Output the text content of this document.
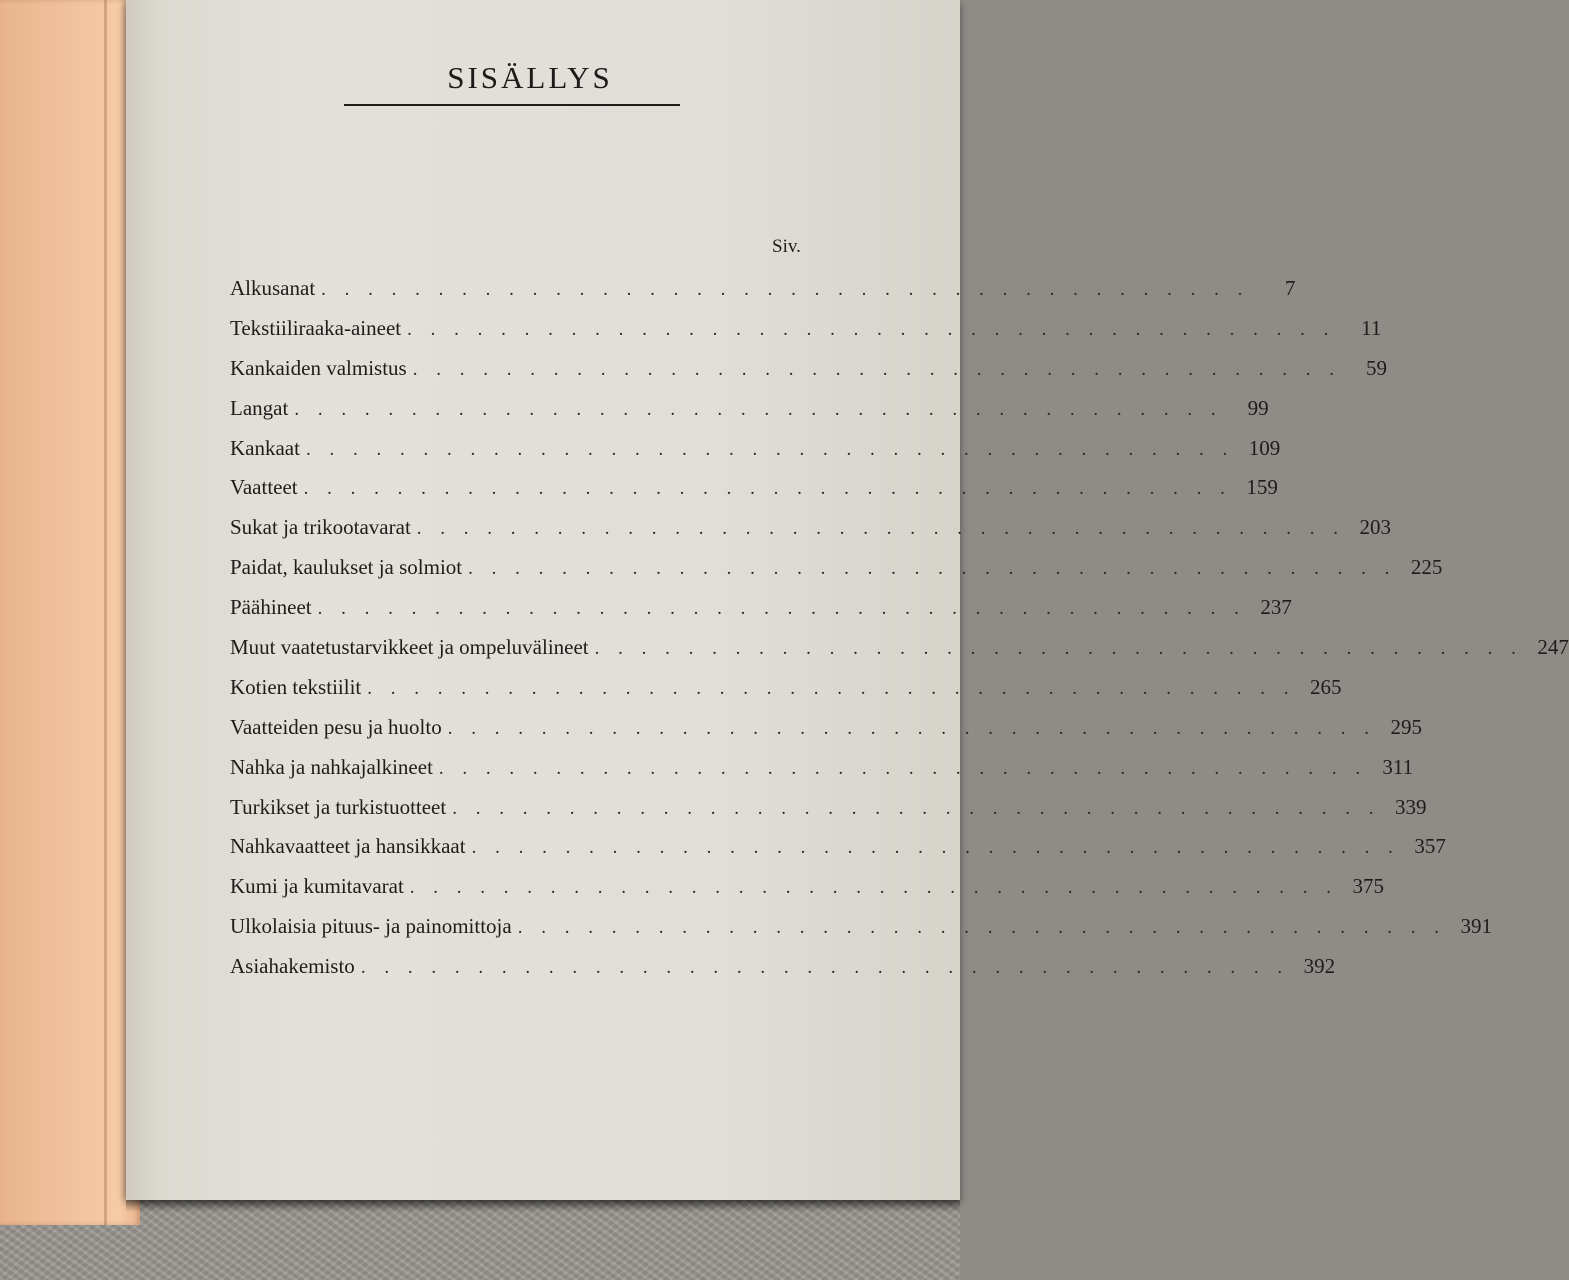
SISÄLLYS
Siv.
Alkusanat . . . . . . . . . . . . . . . . . . . . . . . . . . . . . . . . . . . . . . . .	7
Tekstiiliraaka-aineet . . . . . . . . . . . . . . . . . . . . . . . . . . . . . . . . . . . . . . . .	11
Kankaiden valmistus . . . . . . . . . . . . . . . . . . . . . . . . . . . . . . . . . . . . . . . .	59
Langat . . . . . . . . . . . . . . . . . . . . . . . . . . . . . . . . . . . . . . . .	99
Kankaat . . . . . . . . . . . . . . . . . . . . . . . . . . . . . . . . . . . . . . . . 109
Vaatteet . . . . . . . . . . . . . . . . . . . . . . . . . . . . . . . . . . . . . . . . 159
Sukat ja trikootavarat . . . . . . . . . . . . . . . . . . . . . . . . . . . . . . . . . . . . . . . . 203
Paidat, kaulukset ja solmiot . . . . . . . . . . . . . . . . . . . . . . . . . . . . . . . . . . . . . . . . 225
Päähineet . . . . . . . . . . . . . . . . . . . . . . . . . . . . . . . . . . . . . . . . 237
Muut vaatetustarvikkeet ja ompeluvälineet . . . . . . . . . . . . . . . . . . . . . . . . . . . . . . . . . . . . . . . . 247
Kotien tekstiilit . . . . . . . . . . . . . . . . . . . . . . . . . . . . . . . . . . . . . . . . 265
Vaatteiden pesu ja huolto . . . . . . . . . . . . . . . . . . . . . . . . . . . . . . . . . . . . . . . . 295
Nahka ja nahkajalkineet . . . . . . . . . . . . . . . . . . . . . . . . . . . . . . . . . . . . . . . . 311
Turkikset ja turkistuotteet . . . . . . . . . . . . . . . . . . . . . . . . . . . . . . . . . . . . . . . . 339
Nahkavaatteet ja hansikkaat . . . . . . . . . . . . . . . . . . . . . . . . . . . . . . . . . . . . . . . . 357
Kumi ja kumitavarat . . . . . . . . . . . . . . . . . . . . . . . . . . . . . . . . . . . . . . . . 375
Ulkolaisia pituus- ja painomittoja . . . . . . . . . . . . . . . . . . . . . . . . . . . . . . . . . . . . . . . . 391
Asiahakemisto . . . . . . . . . . . . . . . . . . . . . . . . . . . . . . . . . . . . . . . . 392
